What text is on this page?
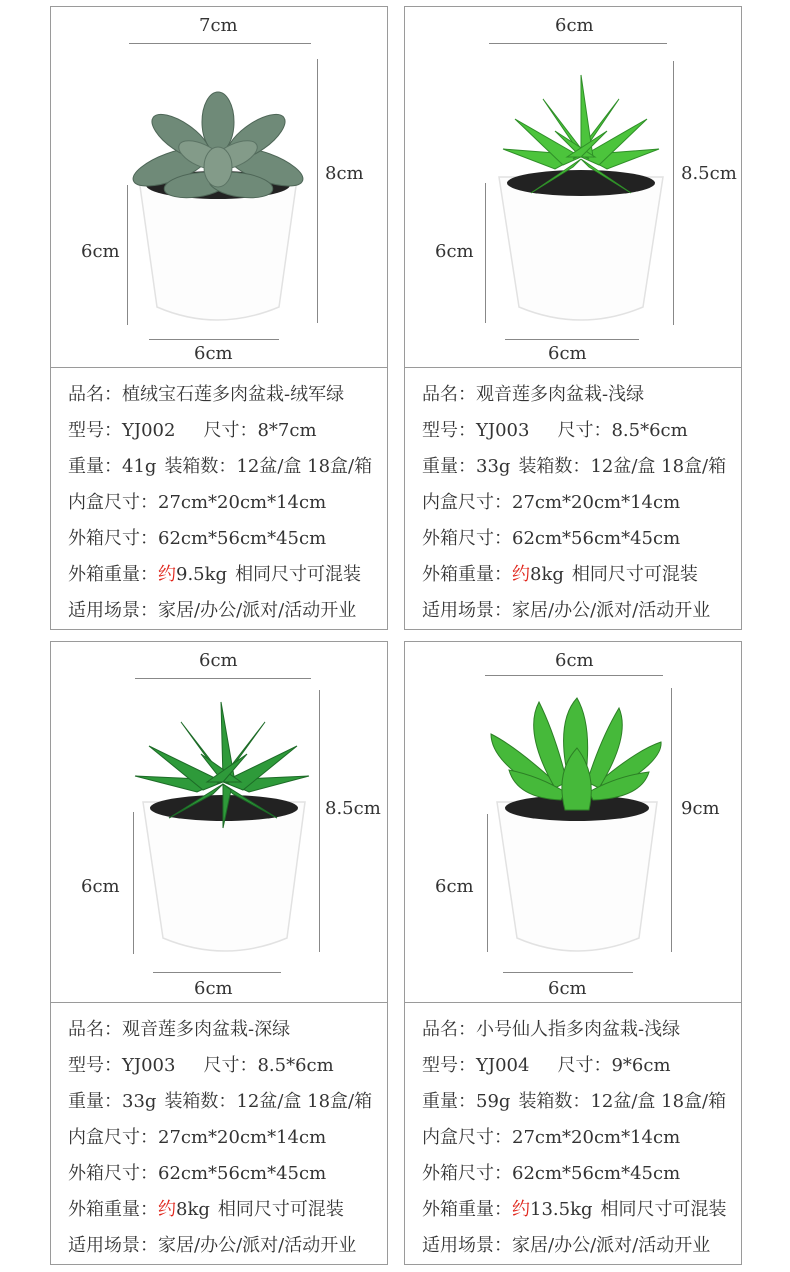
7cm
8cm
6cm
6cm
品名：植绒宝石莲多肉盆栽-绒军绿
型号：YJ002 尺寸：8*7cm
重量：41g 装箱数：12盆/盒 18盒/箱
内盒尺寸：27cm*20cm*14cm
外箱尺寸：62cm*56cm*45cm
外箱重量：约9.5kg 相同尺寸可混装
适用场景：家居/办公/派对/活动开业
6cm
8.5cm
6cm
6cm
品名：观音莲多肉盆栽-浅绿
型号：YJ003 尺寸：8.5*6cm
重量：33g 装箱数：12盆/盒 18盒/箱
内盒尺寸：27cm*20cm*14cm
外箱尺寸：62cm*56cm*45cm
外箱重量：约8kg 相同尺寸可混装
适用场景：家居/办公/派对/活动开业
6cm
8.5cm
6cm
6cm
品名：观音莲多肉盆栽-深绿
型号：YJ003 尺寸：8.5*6cm
重量：33g 装箱数：12盆/盒 18盒/箱
内盒尺寸：27cm*20cm*14cm
外箱尺寸：62cm*56cm*45cm
外箱重量：约8kg 相同尺寸可混装
适用场景：家居/办公/派对/活动开业
6cm
9cm
6cm
6cm
品名：小号仙人指多肉盆栽-浅绿
型号：YJ004 尺寸：9*6cm
重量：59g 装箱数：12盆/盒 18盒/箱
内盒尺寸：27cm*20cm*14cm
外箱尺寸：62cm*56cm*45cm
外箱重量：约13.5kg 相同尺寸可混装
适用场景：家居/办公/派对/活动开业
